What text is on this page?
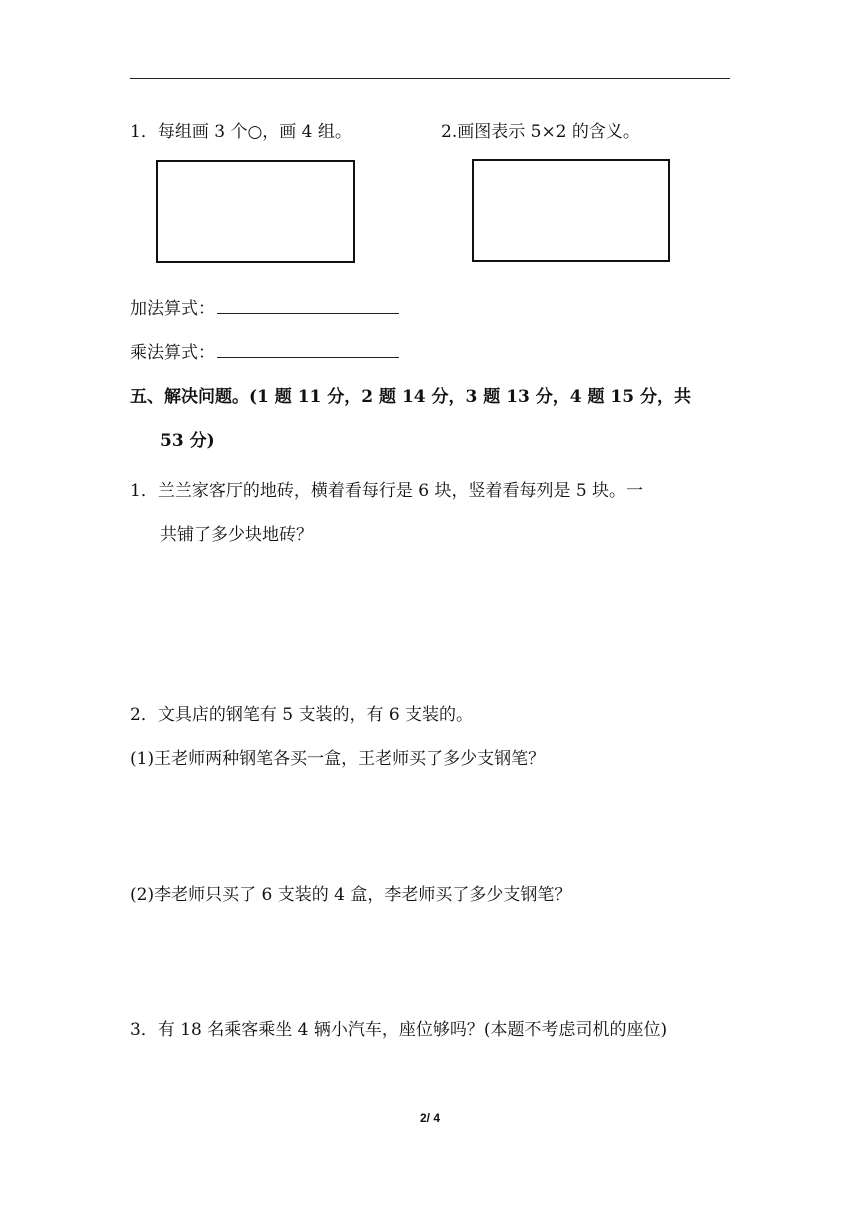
1．每组画 3 个○，画 4 组。	2.画图表示 5×2 的含义。
加法算式：
乘法算式：
五、解决问题。(1 题 11 分，2 题 14 分，3 题 13 分，4 题 15 分，共
53 分)
1．兰兰家客厅的地砖，横着看每行是 6 块，竖着看每列是 5 块。一
共铺了多少块地砖？
2．文具店的钢笔有 5 支装的，有 6 支装的。
(1)王老师两种钢笔各买一盒，王老师买了多少支钢笔？
(2)李老师只买了 6 支装的 4 盒，李老师买了多少支钢笔？
3．有 18 名乘客乘坐 4 辆小汽车，座位够吗？(本题不考虑司机的座位)
2/ 4
